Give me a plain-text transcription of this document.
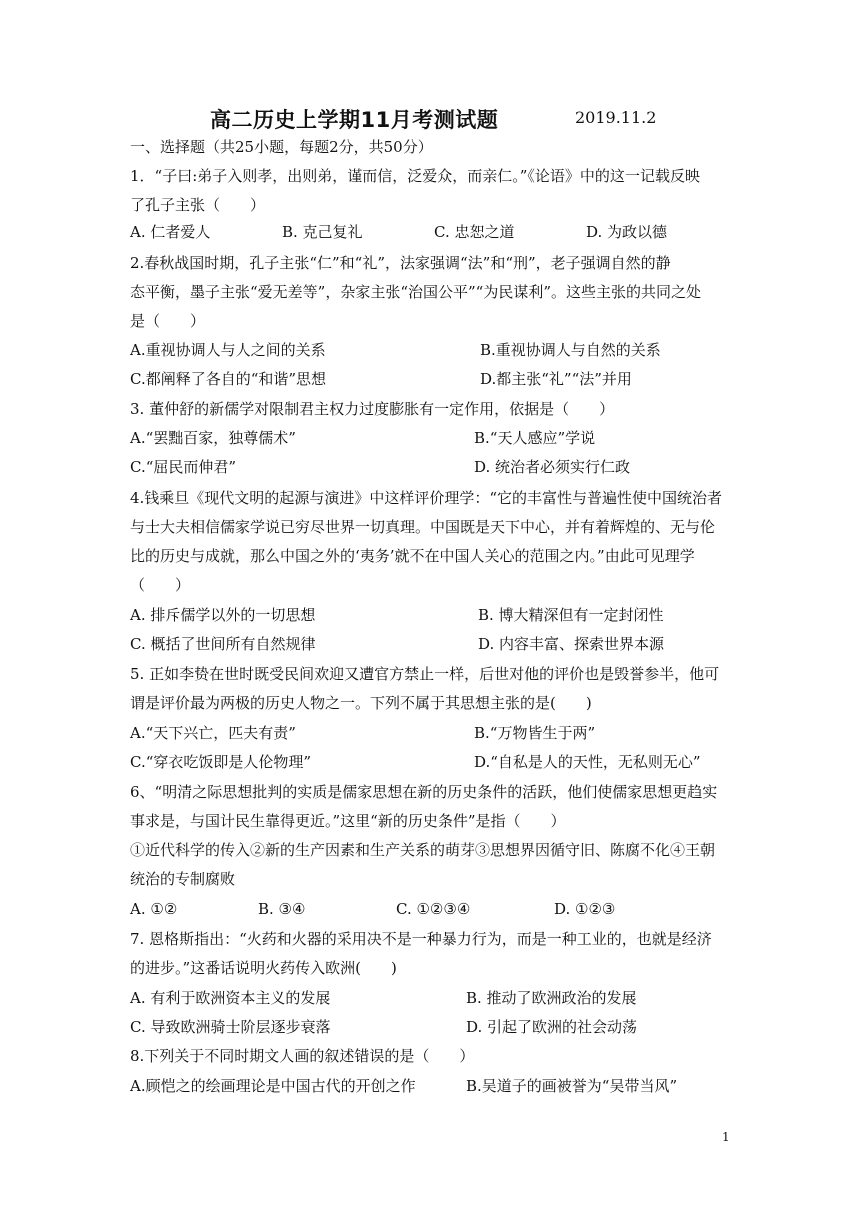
高二历史上学期11月考测试题	2019.11.2
一、选择题（共25小题，每题2分，共50分）
1．“子曰:弟子入则孝，出则弟，谨而信，泛爱众，而亲仁。”《论语》中的这一记载反映
了孔子主张（　　）
A. 仁者爱人	B. 克己复礼	C. 忠恕之道	D. 为政以德
2.春秋战国时期，孔子主张“仁”和“礼”，法家强调“法”和“刑”，老子强调自然的静
态平衡，墨子主张“爱无差等”，杂家主张“治国公平”“为民谋利”。这些主张的共同之处
是（　　）
A.重视协调人与人之间的关系	B.重视协调人与自然的关系
C.都阐释了各自的“和谐”思想	D.都主张“礼”“法”并用
3. 董仲舒的新儒学对限制君主权力过度膨胀有一定作用，依据是（　　）
A.“罢黜百家，独尊儒术”	B.“天人感应”学说
C.“屈民而伸君”	D. 统治者必须实行仁政
4.钱乘旦《现代文明的起源与演进》中这样评价理学：“它的丰富性与普遍性使中国统治者
与士大夫相信儒家学说已穷尽世界一切真理。中国既是天下中心，并有着辉煌的、无与伦
比的历史与成就，那么中国之外的‘夷务’就不在中国人关心的范围之内。”由此可见理学
（　　）
A. 排斥儒学以外的一切思想	B. 博大精深但有一定封闭性
C. 概括了世间所有自然规律	D. 内容丰富、探索世界本源
5. 正如李贽在世时既受民间欢迎又遭官方禁止一样，后世对他的评价也是毁誉参半，他可
谓是评价最为两极的历史人物之一。下列不属于其思想主张的是(　　)
A.“天下兴亡，匹夫有责”	B.“万物皆生于两”
C.“穿衣吃饭即是人伦物理”	D.“自私是人的天性，无私则无心”
6、“明清之际思想批判的实质是儒家思想在新的历史条件的活跃，他们使儒家思想更趋实
事求是，与国计民生靠得更近。”这里“新的历史条件”是指（　　）
①近代科学的传入②新的生产因素和生产关系的萌芽③思想界因循守旧、陈腐不化④王朝
统治的专制腐败
A. ①②	B. ③④	C. ①②③④	D. ①②③
7. 恩格斯指出：“火药和火器的采用决不是一种暴力行为，而是一种工业的，也就是经济
的进步。”这番话说明火药传入欧洲(　　)
A. 有利于欧洲资本主义的发展	B. 推动了欧洲政治的发展
C. 导致欧洲骑士阶层逐步衰落	D. 引起了欧洲的社会动荡
8.下列关于不同时期文人画的叙述错误的是（　　）
A.顾恺之的绘画理论是中国古代的开创之作	B.吴道子的画被誉为“吴带当风”
1
